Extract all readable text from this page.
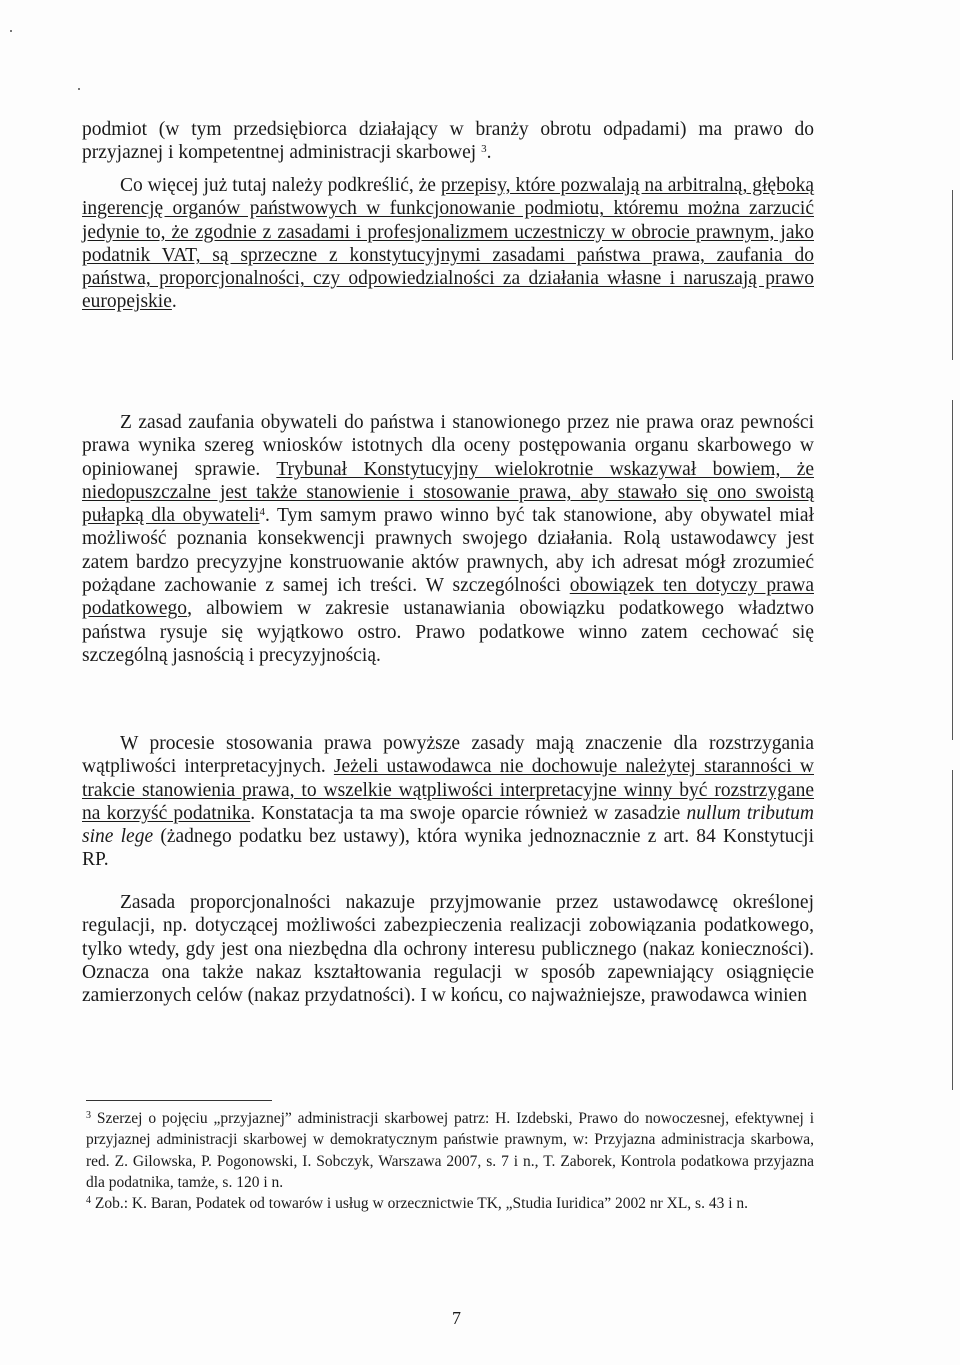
podmiot (w tym przedsiębiorca działający w branży obrotu odpadami) ma prawo do przyjaznej i kompetentnej administracji skarbowej $^3$.

Co więcej już tutaj należy podkreślić, że przepisy, które pozwalają na arbitralną, głęboką ingerencję organów państwowych w funkcjonowanie podmiotu, któremu można zarzucić jedynie to, że zgodnie z zasadami i profesjonalizmem uczestniczy w obrocie prawnym, jako podatnik VAT, są sprzeczne z konstytucyjnymi zasadami państwa prawa, zaufania do państwa, proporcjonalności, czy odpowiedzialności za działania własne i naruszają prawo europejskie.

Z zasad zaufania obywateli do państwa i stanowionego przez nie prawa oraz pewności prawa wynika szereg wniosków istotnych dla oceny postępowania organu skarbowego w opiniowanej sprawie. Trybunał Konstytucyjny wielokrotnie wskazywał bowiem, że niedopuszczalne jest także stanowienie i stosowanie prawa, aby stawało się ono swoistą pułapką dla obywateli$^4$. Tym samym prawo winno być tak stanowione, aby obywatel miał możliwość poznania konsekwencji prawnych swojego działania. Rolą ustawodawcy jest zatem bardzo precyzyjne konstruowanie aktów prawnych, aby ich adresat mógł zrozumieć pożądane zachowanie z samej ich treści. W szczególności obowiązek ten dotyczy prawa podatkowego, albowiem w zakresie ustanawiania obowiązku podatkowego władztwo państwa rysuje się wyjątkowo ostro. Prawo podatkowe winno zatem cechować się szczególną jasnością i precyzyjnością.

W procesie stosowania prawa powyższe zasady mają znaczenie dla rozstrzygania wątpliwości interpretacyjnych. Jeżeli ustawodawca nie dochowuje należytej staranności w trakcie stanowienia prawa, to wszelkie wątpliwości interpretacyjne winny być rozstrzygane na korzyść podatnika. Konstatacja ta ma swoje oparcie również w zasadzie nullum tributum sine lege (żadnego podatku bez ustawy), która wynika jednoznacznie z art. 84 Konstytucji RP.

Zasada proporcjonalności nakazuje przyjmowanie przez ustawodawcę określonej regulacji, np. dotyczącej możliwości zabezpieczenia realizacji zobowiązania podatkowego, tylko wtedy, gdy jest ona niezbędna dla ochrony interesu publicznego (nakaz konieczności). Oznacza ona także nakaz kształtowania regulacji w sposób zapewniający osiągnięcie zamierzonych celów (nakaz przydatności). I w końcu, co najważniejsze, prawodawca winien

$^3$ Szerzej o pojęciu „przyjaznej” administracji skarbowej patrz: H. Izdebski, Prawo do nowoczesnej, efektywnej i przyjaznej administracji skarbowej w demokratycznym państwie prawnym, w: Przyjazna administracja skarbowa, red. Z. Gilowska, P. Pogonowski, I. Sobczyk, Warszawa 2007, s. 7 i n., T. Zaborek, Kontrola podatkowa przyjazna dla podatnika, tamże, s. 120 i n.

$^4$ Zob.: K. Baran, Podatek od towarów i usług w orzecznictwie TK, „Studia Iuridica” 2002 nr XL, s. 43 i n.

7
